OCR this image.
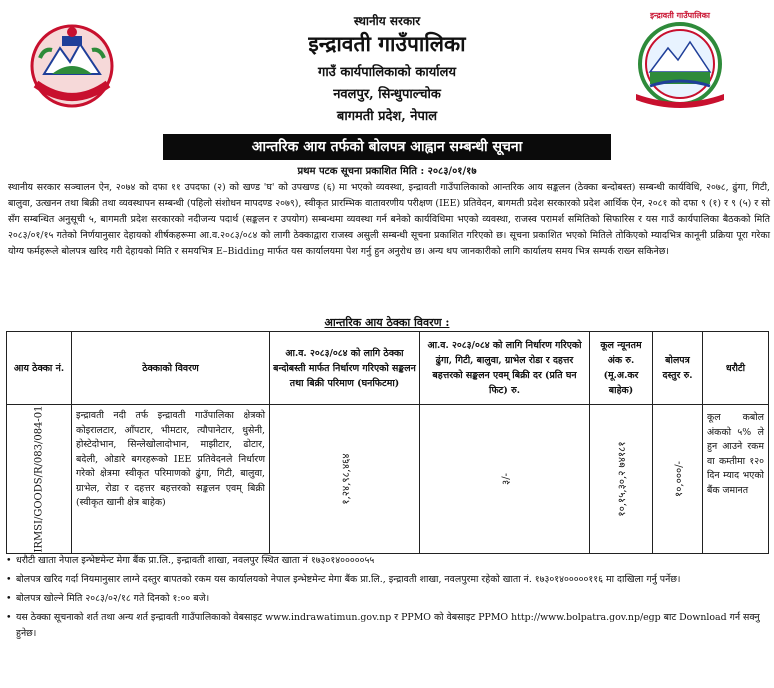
इन्द्रावती गाउँपालिका
स्थानीय सरकार
इन्द्रावती गाउँपालिका
गाउँ कार्यपालिकाको कार्यालय
नवलपुर, सिन्धुपाल्चोक
बागमती प्रदेश, नेपाल
आन्तरिक आय तर्फको बोलपत्र आह्वान सम्बन्धी सूचना
प्रथम पटक सूचना प्रकाशित मिति : २०८३/०१/१७
स्थानीय सरकार सञ्चालन ऐन, २०७४ को दफा ११ उपदफा (२) को खण्ड 'घ' को उपखण्ड (६) मा भएको व्यवस्था, इन्द्रावती गाउँपालिकाको आन्तरिक आय सङ्कलन (ठेक्का बन्दोबस्त) सम्बन्धी कार्यविधि, २०७८, ढुंगा, गिटी, बालुवा, उत्खनन तथा बिक्री तथा व्यवस्थापन सम्बन्धी (पहिलो संशोधन मापदण्ड २०७९), स्वीकृत प्रारम्भिक वातावरणीय परीक्षण (IEE) प्रतिवेदन, बागमती प्रदेश सरकारको प्रदेश आर्थिक ऐन, २०८१ को दफा ९ (१) र ९ (५) र सो सँग सम्बन्धित अनुसूची ५, बागमती प्रदेश सरकारको नदीजन्य पदार्थ (सङ्कलन र उपयोग) सम्बन्धमा व्यवस्था गर्न बनेको कार्यविधिमा भएको व्यवस्था, राजस्व परामर्श समितिको सिफारिस र यस गाउँ कार्यपालिका बैठकको मिति २०८३/०१/१५ गतेको निर्णयानुसार देहायको शीर्षकहरूमा आ.व.२०८३/०८४ को लागी ठेक्काद्वारा राजस्व असुली सम्बन्धी सूचना प्रकाशित गरिएको छ। सूचना प्रकाशित भएको मितिले तोकिएको म्यादभित्र कानूनी प्रक्रिया पूरा गरेका योग्य फर्महरूले बोलपत्र खरिद गरी देहायको मिति र समयभित्र E–Bidding मार्फत यस कार्यालयमा पेश गर्नु हुन अनुरोध छ। अन्य थप जानकारीको लागि कार्यालय समय भित्र सम्पर्क राख्न सकिनेछ।
आन्तरिक आय ठेक्का विवरण :
आय ठेक्का नं.	ठेक्काको विवरण	आ.व. २०८३/०८४ को लागि ठेक्का बन्दोबस्ती मार्फत निर्धारण गरिएको सङ्कलन तथा बिक्री परिमाण (घनफिटमा)	आ.व. २०८३/०८४ को लागि निर्धारण गरिएको ढुंगा, गिटी, बालुवा, ग्राभेल रोडा र दहत्तर बहत्तरको सङ्कलन एवम् बिक्री दर (प्रति घन फिट) रु.	कूल न्यूनतम अंक रु. (मू.अ.कर बाहेक)	बोलपत्र दस्तुर रु.	धरौटी

IRMSI/GOODS/R/083/084-01	इन्द्रावती नदी तर्फ इन्द्रावती गाउँपालिका क्षेत्रको कोइरालटार, आँपटार, भीमटार, त्यौपानेटार, धुसेनी, होस्टेदोभान, सिन्लेखोलादोभान, माझीटार, ढोटार, बदेली, ओडारे बगरहरूको IEE प्रतिवेदनले निर्धारण गरेको क्षेत्रमा स्वीकृत परिमाणको ढुंगा, गिटी, बालुवा, ग्राभेल, रोडा र दहत्तर बहत्तरको सङ्कलन एवम् बिक्री (स्वीकृत खानी क्षेत्र बाहेक)	१,२४,९८,४६४	३/-	१०,१५,३०,२ ७४१८१	१०,०००/-	कूल कबोल अंकको ५% ले हुन आउने रकम वा कम्तीमा १२० दिन म्याद भएको बैंक जमानत
• धरौटी खाता नेपाल इन्भेष्टमेन्ट मेगा बैंक प्रा.लि., इन्द्रावती शाखा, नवलपुर स्थित खाता नं १७३०१४०००००५५
• बोलपत्र खरिद गर्दा नियमानुसार लाग्ने दस्तुर बापतको रकम यस कार्यालयको नेपाल इन्भेष्टमेन्ट मेगा बैंक प्रा.लि., इन्द्रावती शाखा, नवलपुरमा रहेको खाता नं. १७३०१४०००००११६ मा दाखिला गर्नु पर्नेछ।
• बोलपत्र खोल्ने मिति २०८३/०२/१८ गते दिनको १:०० बजे।
• यस ठेक्का सूचनाको शर्त तथा अन्य शर्त इन्द्रावती गाउँपालिकाको वेबसाइट www.indrawatimun.gov.np र PPMO को वेबसाइट PPMO http://www.bolpatra.gov.np/egp बाट Download गर्न सक्नु हुनेछ।
